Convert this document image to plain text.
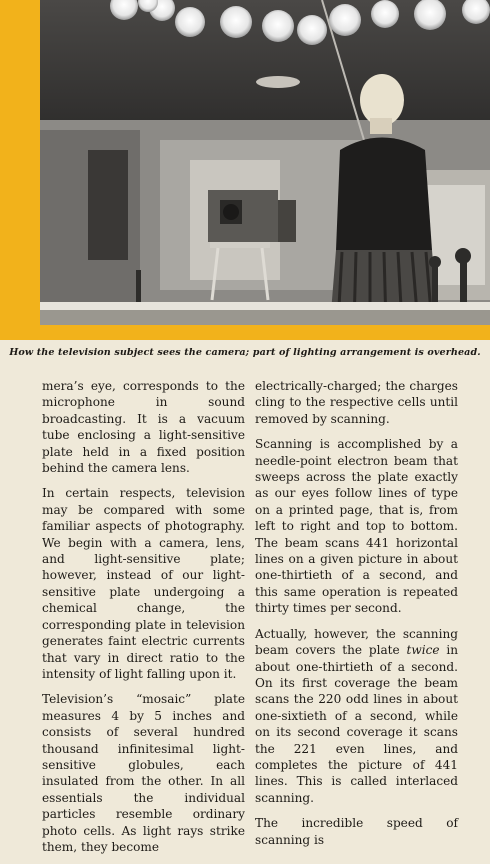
How the television subject sees the camera; part of lighting arrangement is overhead.

mera’s eye, corresponds to the microphone in sound broadcasting. It is a vacuum tube enclosing a light-sensitive plate held in a fixed position behind the camera lens.

In certain respects, television may be compared with some familiar aspects of photography. We begin with a camera, lens, and light-sensitive plate; however, instead of our light-sensitive plate undergoing a chemical change, the corresponding plate in television generates faint electric currents that vary in direct ratio to the intensity of light falling upon it.

Television’s “mosaic” plate measures 4 by 5 inches and consists of several hundred thousand infinitesimal light-sensitive globules, each insulated from the other. In all essentials the individual particles resemble ordinary photo cells. As light rays strike them, they become

electrically-charged; the charges cling to the respective cells until removed by scanning.

Scanning is accomplished by a needle-point electron beam that sweeps across the plate exactly as our eyes follow lines of type on a printed page, that is, from left to right and top to bottom. The beam scans 441 horizontal lines on a given picture in about one-thirtieth of a second, and this same operation is repeated thirty times per second.

Actually, however, the scanning beam covers the plate twice in about one-thirtieth of a second. On its first coverage the beam scans the 220 odd lines in about one-sixtieth of a second, while on its second coverage it scans the 221 even lines, and completes the picture of 441 lines. This is called interlaced scanning.

The incredible speed of scanning is
